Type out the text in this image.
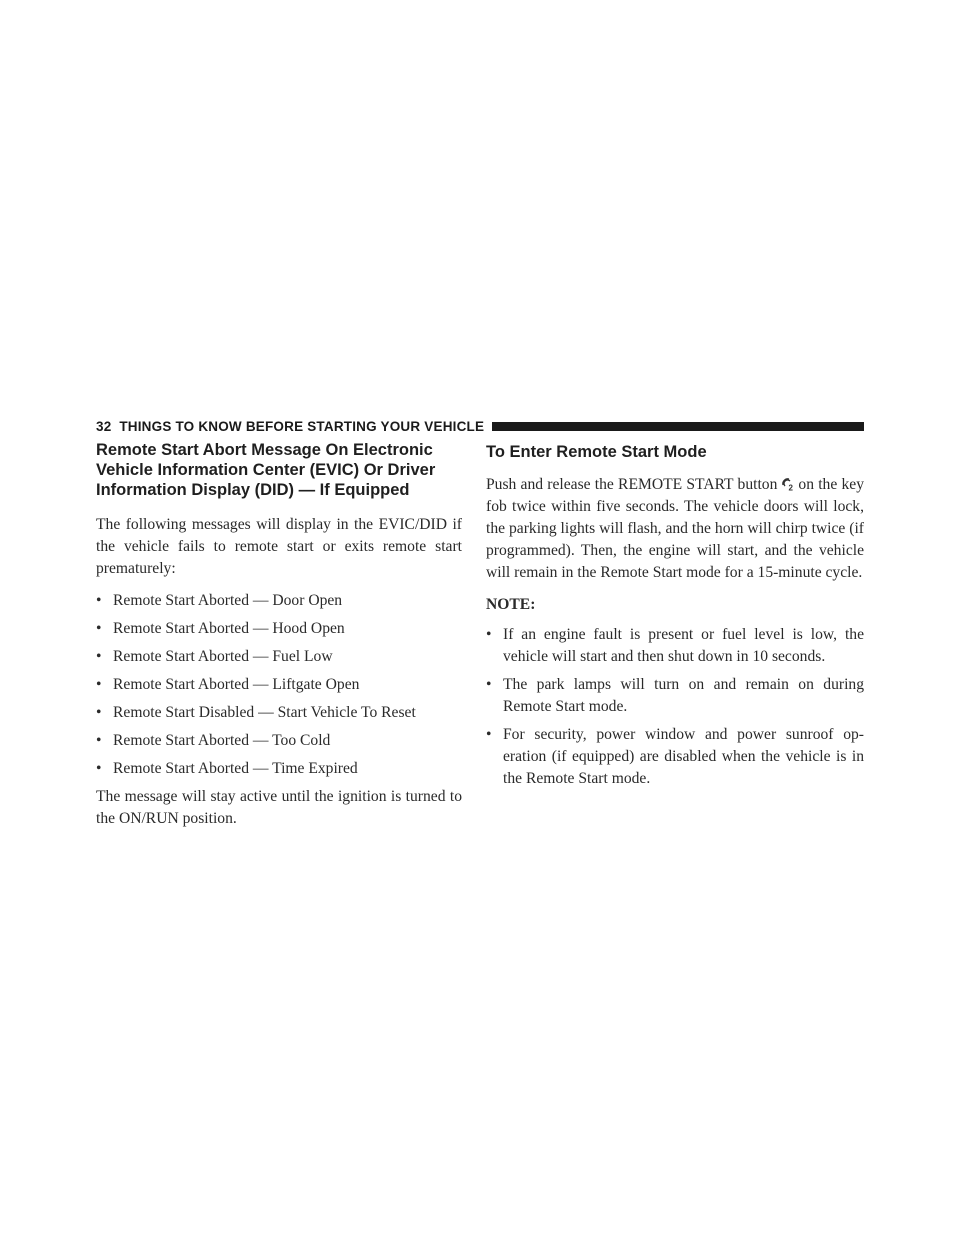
32 THINGS TO KNOW BEFORE STARTING YOUR VEHICLE
Remote Start Abort Message On Electronic Vehicle Information Center (EVIC) Or Driver Information Display (DID) — If Equipped

The following messages will display in the EVIC/DID if the vehicle fails to remote start or exits remote start prematurely:

• Remote Start Aborted — Door Open
• Remote Start Aborted — Hood Open
• Remote Start Aborted — Fuel Low
• Remote Start Aborted — Liftgate Open
• Remote Start Disabled — Start Vehicle To Reset
• Remote Start Aborted — Too Cold
• Remote Start Aborted — Time Expired

The message will stay active until the ignition is turned to the ON/RUN position.

To Enter Remote Start Mode

Push and release the REMOTE START button 2 on the key fob twice within five seconds. The vehicle doors will lock, the parking lights will flash, and the horn will chirp twice (if programmed). Then, the engine will start, and the vehicle will remain in the Remote Start mode for a 15-minute cycle.

NOTE:

• If an engine fault is present or fuel level is low, the vehicle will start and then shut down in 10 seconds.
• The park lamps will turn on and remain on during Remote Start mode.
• For security, power window and power sunroof op-eration (if equipped) are disabled when the vehicle is in the Remote Start mode.
